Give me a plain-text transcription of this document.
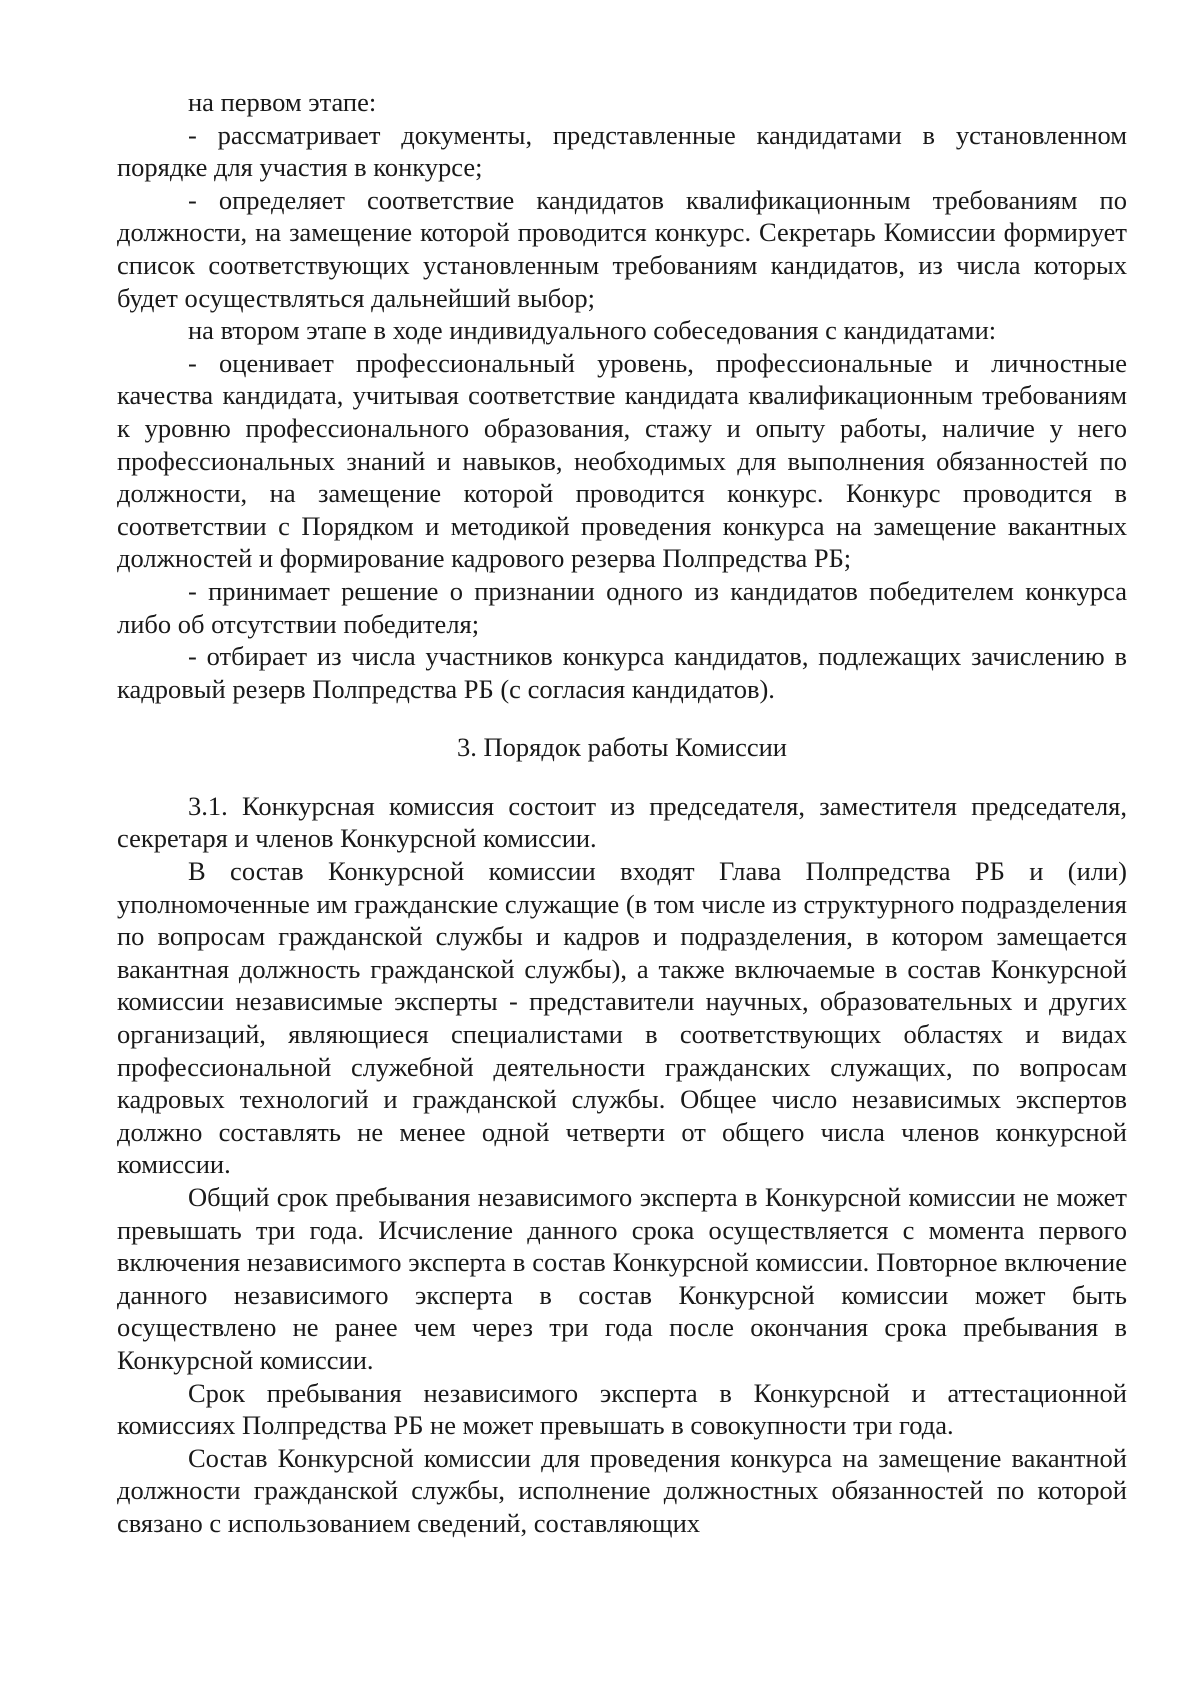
на первом этапе:

- рассматривает документы, представленные кандидатами в установленном порядке для участия в конкурсе;

- определяет соответствие кандидатов квалификационным требованиям по должности, на замещение которой проводится конкурс. Секретарь Комиссии формирует список соответствующих установленным требованиям кандидатов, из числа которых будет осуществляться дальнейший выбор;

на втором этапе в ходе индивидуального собеседования с кандидатами:

- оценивает профессиональный уровень, профессиональные и личностные качества кандидата, учитывая соответствие кандидата квалификационным требованиям к уровню профессионального образования, стажу и опыту работы, наличие у него профессиональных знаний и навыков, необходимых для выполнения обязанностей по должности, на замещение которой проводится конкурс. Конкурс проводится в соответствии с Порядком и методикой проведения конкурса на замещение вакантных должностей и формирование кадрового резерва Полпредства РБ;

- принимает решение о признании одного из кандидатов победителем конкурса либо об отсутствии победителя;

- отбирает из числа участников конкурса кандидатов, подлежащих зачислению в кадровый резерв Полпредства РБ (с согласия кандидатов).

3. Порядок работы Комиссии

3.1. Конкурсная комиссия состоит из председателя, заместителя председателя, секретаря и членов Конкурсной комиссии.

В состав Конкурсной комиссии входят Глава Полпредства РБ и (или) уполномоченные им гражданские служащие (в том числе из структурного подразделения по вопросам гражданской службы и кадров и подразделения, в котором замещается вакантная должность гражданской службы), а также включаемые в состав Конкурсной комиссии независимые эксперты - представители научных, образовательных и других организаций, являющиеся специалистами в соответствующих областях и видах профессиональной служебной деятельности гражданских служащих, по вопросам кадровых технологий и гражданской службы. Общее число независимых экспертов должно составлять не менее одной четверти от общего числа членов конкурсной комиссии.

Общий срок пребывания независимого эксперта в Конкурсной комиссии не может превышать три года. Исчисление данного срока осуществляется с момента первого включения независимого эксперта в состав Конкурсной комиссии. Повторное включение данного независимого эксперта в состав Конкурсной комиссии может быть осуществлено не ранее чем через три года после окончания срока пребывания в Конкурсной комиссии.

Срок пребывания независимого эксперта в Конкурсной и аттестационной комиссиях Полпредства РБ не может превышать в совокупности три года.

Состав Конкурсной комиссии для проведения конкурса на замещение вакантной должности гражданской службы, исполнение должностных обязанностей по которой связано с использованием сведений, составляющих
